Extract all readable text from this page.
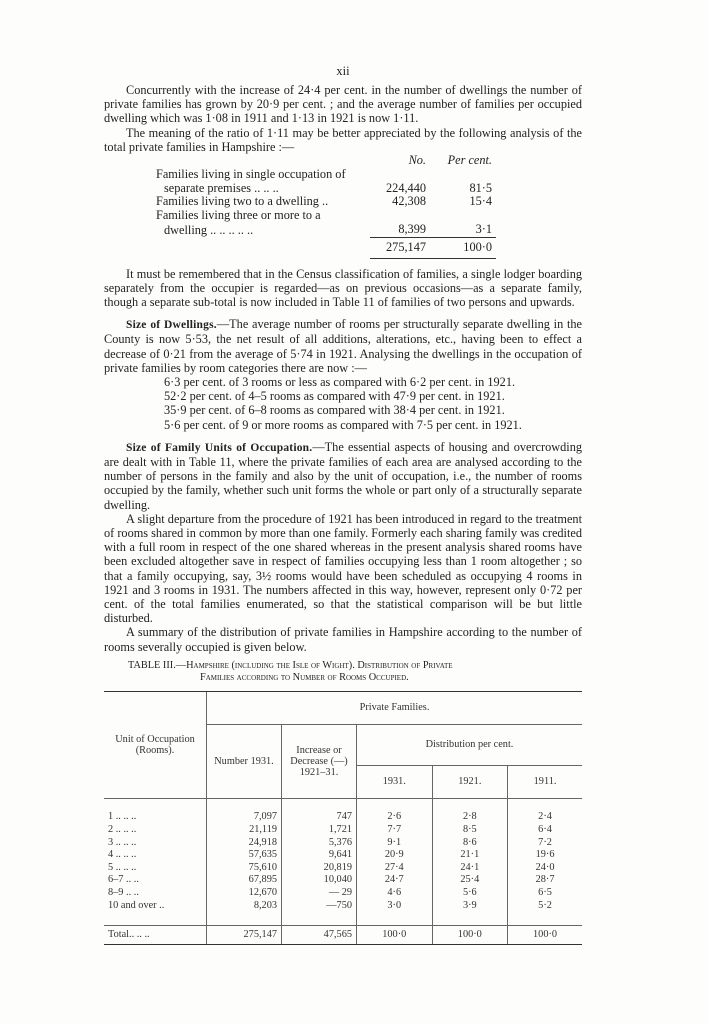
xii

Concurrently with the increase of 24·4 per cent. in the number of dwellings the number of private families has grown by 20·9 per cent. ; and the average number of families per occupied dwelling which was 1·08 in 1911 and 1·13 in 1921 is now 1·11.

The meaning of the ratio of 1·11 may be better appreciated by the following analysis of the total private families in Hampshire :—

	No.	Per cent.
Families living in single occupation of		
separate premises .. .. ..	224,440	81·5
Families living two to a dwelling ..	42,308	15·4
Families living three or more to a		
dwelling .. .. .. .. ..	8,399	3·1
	275,147	100·0

It must be remembered that in the Census classification of families, a single lodger boarding separately from the occupier is regarded—as on previous occasions—as a separate family, though a separate sub-total is now included in Table 11 of families of two persons and upwards.

Size of Dwellings.—The average number of rooms per structurally separate dwelling in the County is now 5·53, the net result of all additions, alterations, etc., having been to effect a decrease of 0·21 from the average of 5·74 in 1921. Analysing the dwellings in the occupation of private families by room categories there are now :—

6·3 per cent. of 3 rooms or less as compared with 6·2 per cent. in 1921.
52·2 per cent. of 4–5 rooms as compared with 47·9 per cent. in 1921.
35·9 per cent. of 6–8 rooms as compared with 38·4 per cent. in 1921.
5·6 per cent. of 9 or more rooms as compared with 7·5 per cent. in 1921.

Size of Family Units of Occupation.—The essential aspects of housing and overcrowding are dealt with in Table 11, where the private families of each area are analysed according to the number of persons in the family and also by the unit of occupation, i.e., the number of rooms occupied by the family, whether such unit forms the whole or part only of a structurally separate dwelling.

A slight departure from the procedure of 1921 has been introduced in regard to the treatment of rooms shared in common by more than one family. Formerly each sharing family was credited with a full room in respect of the one shared whereas in the present analysis shared rooms have been excluded altogether save in respect of families occupying less than 1 room altogether ; so that a family occupying, say, 3½ rooms would have been scheduled as occupying 4 rooms in 1921 and 3 rooms in 1931. The numbers affected in this way, however, represent only 0·72 per cent. of the total families enumerated, so that the statistical comparison will be but little disturbed.

A summary of the distribution of private families in Hampshire according to the number of rooms severally occupied is given below.

TABLE III.—Hampshire (including the Isle of Wight). Distribution of Private
Families according to Number of Rooms Occupied.
Unit of Occupation (Rooms).	Private Families.				
	Number 1931.	Increase or Decrease (—) 1921–31.	Distribution per cent.		
			1931.	1921.	1911.

1 .. .. ..	7,097	747	2·6	2·8	2·4
2 .. .. ..	21,119	1,721	7·7	8·5	6·4
3 .. .. ..	24,918	5,376	9·1	8·6	7·2
4 .. .. ..	57,635	9,641	20·9	21·1	19·6
5 .. .. ..	75,610	20,819	27·4	24·1	24·0
6–7 .. ..	67,895	10,040	24·7	25·4	28·7
8–9 .. ..	12,670	— 29	4·6	5·6	6·5
10 and over ..	8,203	—750	3·0	3·9	5·2

Total.. .. ..	275,147	47,565	100·0	100·0	100·0
